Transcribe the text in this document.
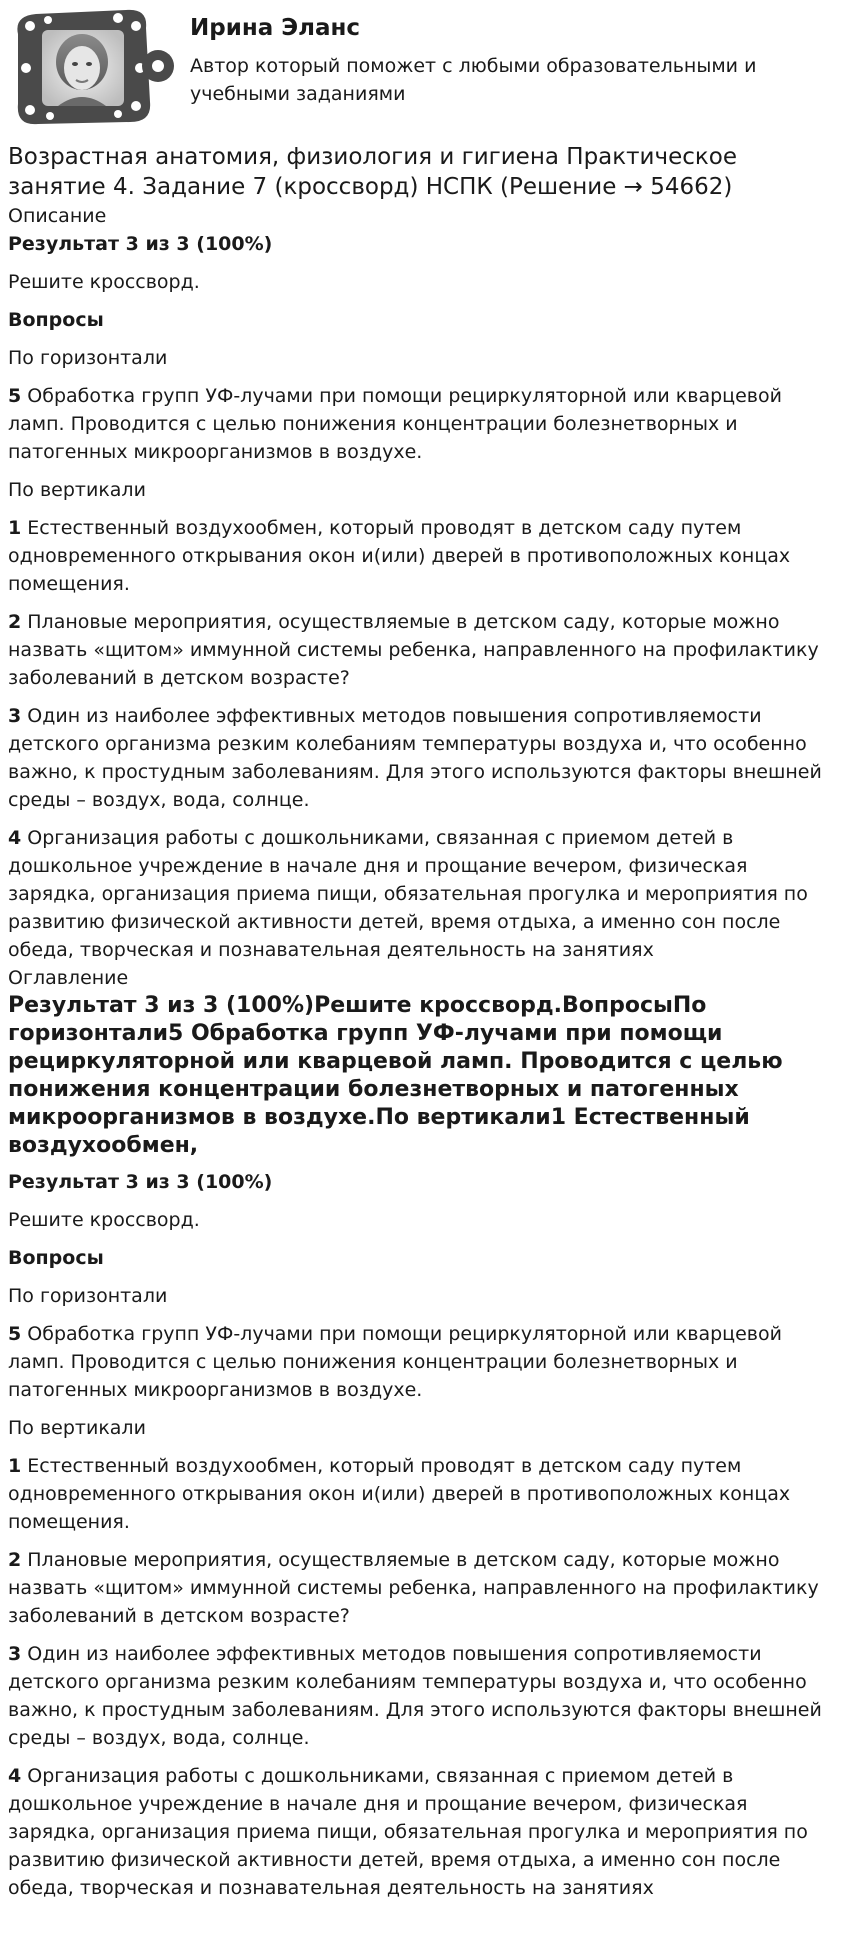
Ирина Эланс
Автор который поможет с любыми образовательными и учебными заданиями
Возрастная анатомия, физиология и гигиена Практическое занятие 4. Задание 7 (кроссворд) НСПК (Решение → 54662)
Описание

Результат 3 из 3 (100%)

Решите кроссворд.

Вопросы

По горизонтали

5 Обработка групп УФ-лучами при помощи рециркуляторной или кварцевой ламп. Проводится с целью понижения концентрации болезнетворных и патогенных микроорганизмов в воздухе.

По вертикали

1 Естественный воздухообмен, который проводят в детском саду путем одновременного открывания окон и(или) дверей в противоположных концах помещения.

2 Плановые мероприятия, осуществляемые в детском саду, которые можно назвать «щитом» иммунной системы ребенка, направленного на профилактику заболеваний в детском возрасте?

3 Один из наиболее эффективных методов повышения сопротивляемости детского организма резким колебаниям температуры воздуха и, что особенно важно, к простудным заболеваниям. Для этого используются факторы внешней среды – воздух, вода, солнце.

4 Организация работы с дошкольниками, связанная с приемом детей в дошкольное учреждение в начале дня и прощание вечером, физическая зарядка, организация приема пищи, обязательная прогулка и мероприятия по развитию физической активности детей, время отдыха, а именно сон после обеда, творческая и познавательная деятельность на занятиях

Оглавление
Результат 3 из 3 (100%)Решите кроссворд.ВопросыПо горизонтали5 Обработка групп УФ-лучами при помощи рециркуляторной или кварцевой ламп. Проводится с целью понижения концентрации болезнетворных и патогенных микроорганизмов в воздухе.По вертикали1 Естественный воздухообмен,

Результат 3 из 3 (100%)

Решите кроссворд.

Вопросы

По горизонтали

5 Обработка групп УФ-лучами при помощи рециркуляторной или кварцевой ламп. Проводится с целью понижения концентрации болезнетворных и патогенных микроорганизмов в воздухе.

По вертикали

1 Естественный воздухообмен, который проводят в детском саду путем одновременного открывания окон и(или) дверей в противоположных концах помещения.

2 Плановые мероприятия, осуществляемые в детском саду, которые можно назвать «щитом» иммунной системы ребенка, направленного на профилактику заболеваний в детском возрасте?

3 Один из наиболее эффективных методов повышения сопротивляемости детского организма резким колебаниям температуры воздуха и, что особенно важно, к простудным заболеваниям. Для этого используются факторы внешней среды – воздух, вода, солнце.

4 Организация работы с дошкольниками, связанная с приемом детей в дошкольное учреждение в начале дня и прощание вечером, физическая зарядка, организация приема пищи, обязательная прогулка и мероприятия по развитию физической активности детей, время отдыха, а именно сон после обеда, творческая и познавательная деятельность на занятиях
